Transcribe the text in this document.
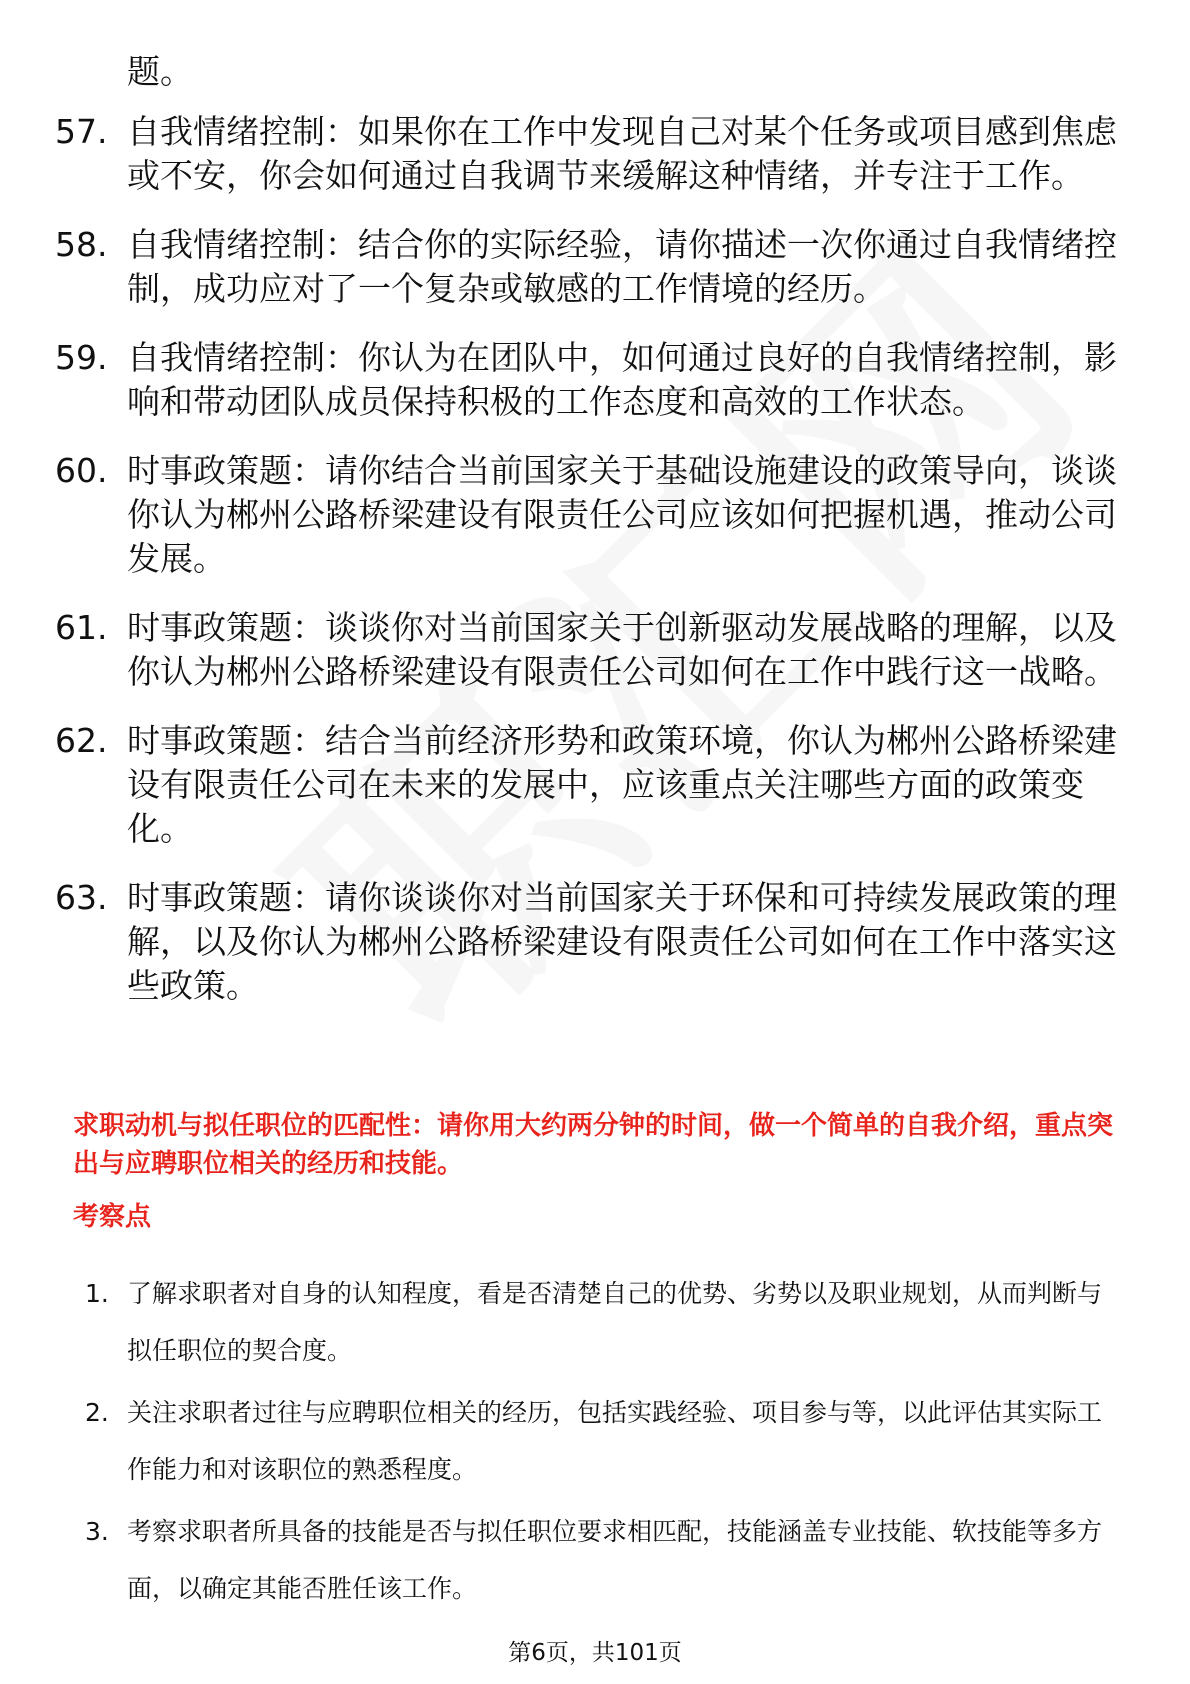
题。
57. 自我情绪控制：如果你在工作中发现自己对某个任务或项目感到焦虑或不安，你会如何通过自我调节来缓解这种情绪，并专注于工作。
58. 自我情绪控制：结合你的实际经验，请你描述一次你通过自我情绪控制，成功应对了一个复杂或敏感的工作情境的经历。
59. 自我情绪控制：你认为在团队中，如何通过良好的自我情绪控制，影响和带动团队成员保持积极的工作态度和高效的工作状态。
60. 时事政策题：请你结合当前国家关于基础设施建设的政策导向，谈谈你认为郴州公路桥梁建设有限责任公司应该如何把握机遇，推动公司发展。
61. 时事政策题：谈谈你对当前国家关于创新驱动发展战略的理解，以及你认为郴州公路桥梁建设有限责任公司如何在工作中践行这一战略。
62. 时事政策题：结合当前经济形势和政策环境，你认为郴州公路桥梁建设有限责任公司在未来的发展中，应该重点关注哪些方面的政策变化。
63. 时事政策题：请你谈谈你对当前国家关于环保和可持续发展政策的理解，以及你认为郴州公路桥梁建设有限责任公司如何在工作中落实这些政策。
求职动机与拟任职位的匹配性：请你用大约两分钟的时间，做一个简单的自我介绍，重点突出与应聘职位相关的经历和技能。
考察点
1. 了解求职者对自身的认知程度，看是否清楚自己的优势、劣势以及职业规划，从而判断与拟任职位的契合度。
2. 关注求职者过往与应聘职位相关的经历，包括实践经验、项目参与等，以此评估其实际工作能力和对该职位的熟悉程度。
3. 考察求职者所具备的技能是否与拟任职位要求相匹配，技能涵盖专业技能、软技能等多方面，以确定其能否胜任该工作。
第6页，共101页
